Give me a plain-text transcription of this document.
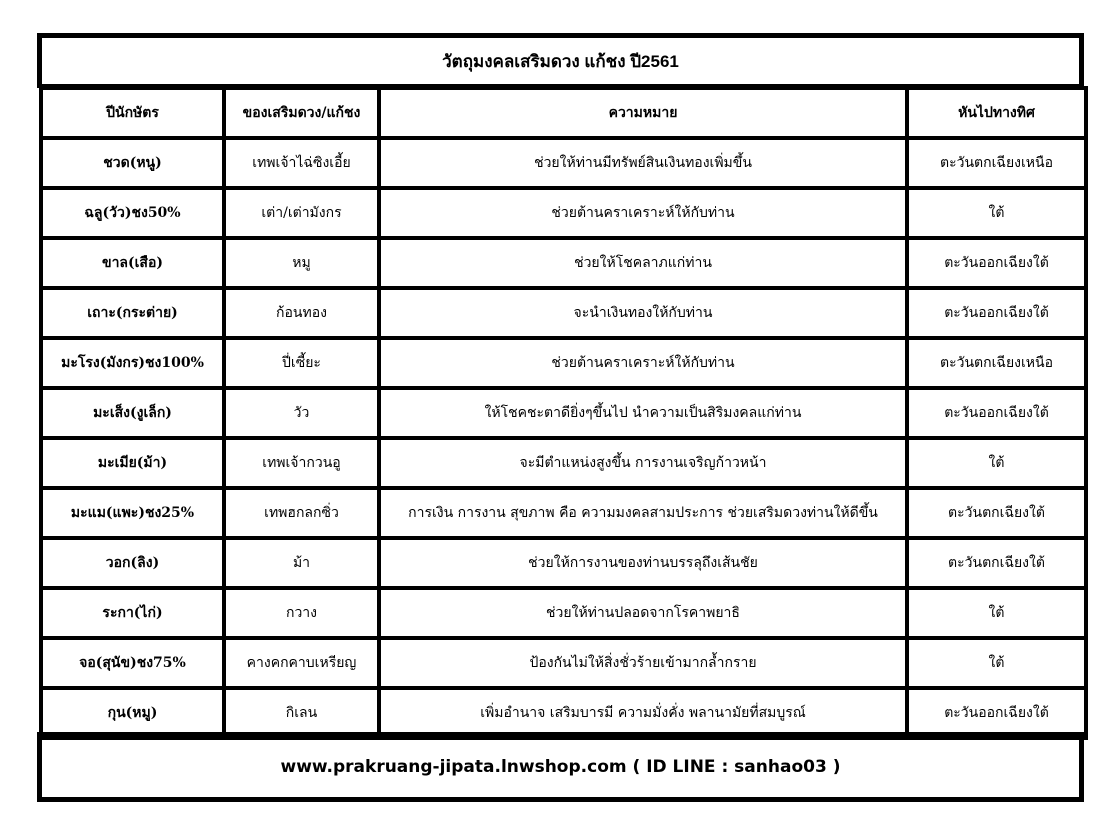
วัตถุมงคลเสริมดวง แก้ชง ปี2561
ปีนักษัตร	ของเสริมดวง/แก้ชง	ความหมาย	หันไปทางทิศ
ชวด(หนู)	เทพเจ้าไฉ่ซิงเอี้ย	ช่วยให้ท่านมีทรัพย์สินเงินทองเพิ่มขึ้น	ตะวันตกเฉียงเหนือ
ฉลู(วัว)ชง50%	เต่า/เต่ามังกร	ช่วยต้านคราเคราะห์ให้กับท่าน	ใต้
ขาล(เสือ)	หมู	ช่วยให้โชคลาภแก่ท่าน	ตะวันออกเฉียงใต้
เถาะ(กระต่าย)	ก้อนทอง	จะนำเงินทองให้กับท่าน	ตะวันออกเฉียงใต้
มะโรง(มังกร)ชง100%	ปี่เซี้ยะ	ช่วยต้านคราเคราะห์ให้กับท่าน	ตะวันตกเฉียงเหนือ
มะเส็ง(งูเล็ก)	วัว	ให้โชคชะตาดียิ่งๆขึ้นไป นำความเป็นสิริมงคลแก่ท่าน	ตะวันออกเฉียงใต้
มะเมีย(ม้า)	เทพเจ้ากวนอู	จะมีตำแหน่งสูงขึ้น การงานเจริญก้าวหน้า	ใต้
มะแม(แพะ)ชง25%	เทพฮกลกซิ่ว	การเงิน การงาน สุขภาพ คือ ความมงคลสามประการ ช่วยเสริมดวงท่านให้ดีขึ้น	ตะวันตกเฉียงใต้
วอก(ลิง)	ม้า	ช่วยให้การงานของท่านบรรลุถึงเส้นชัย	ตะวันตกเฉียงใต้
ระกา(ไก่)	กวาง	ช่วยให้ท่านปลอดจากโรคาพยาธิ	ใต้
จอ(สุนัข)ชง75%	คางคกคาบเหรียญ	ป้องกันไม่ให้สิ่งชั่วร้ายเข้ามากล้ำกราย	ใต้
กุน(หมู)	กิเลน	เพิ่มอำนาจ เสริมบารมี ความมั่งคั่ง พลานามัยที่สมบูรณ์	ตะวันออกเฉียงใต้
www.prakruang-jipata.lnwshop.com ( ID LINE : sanhao03 )
